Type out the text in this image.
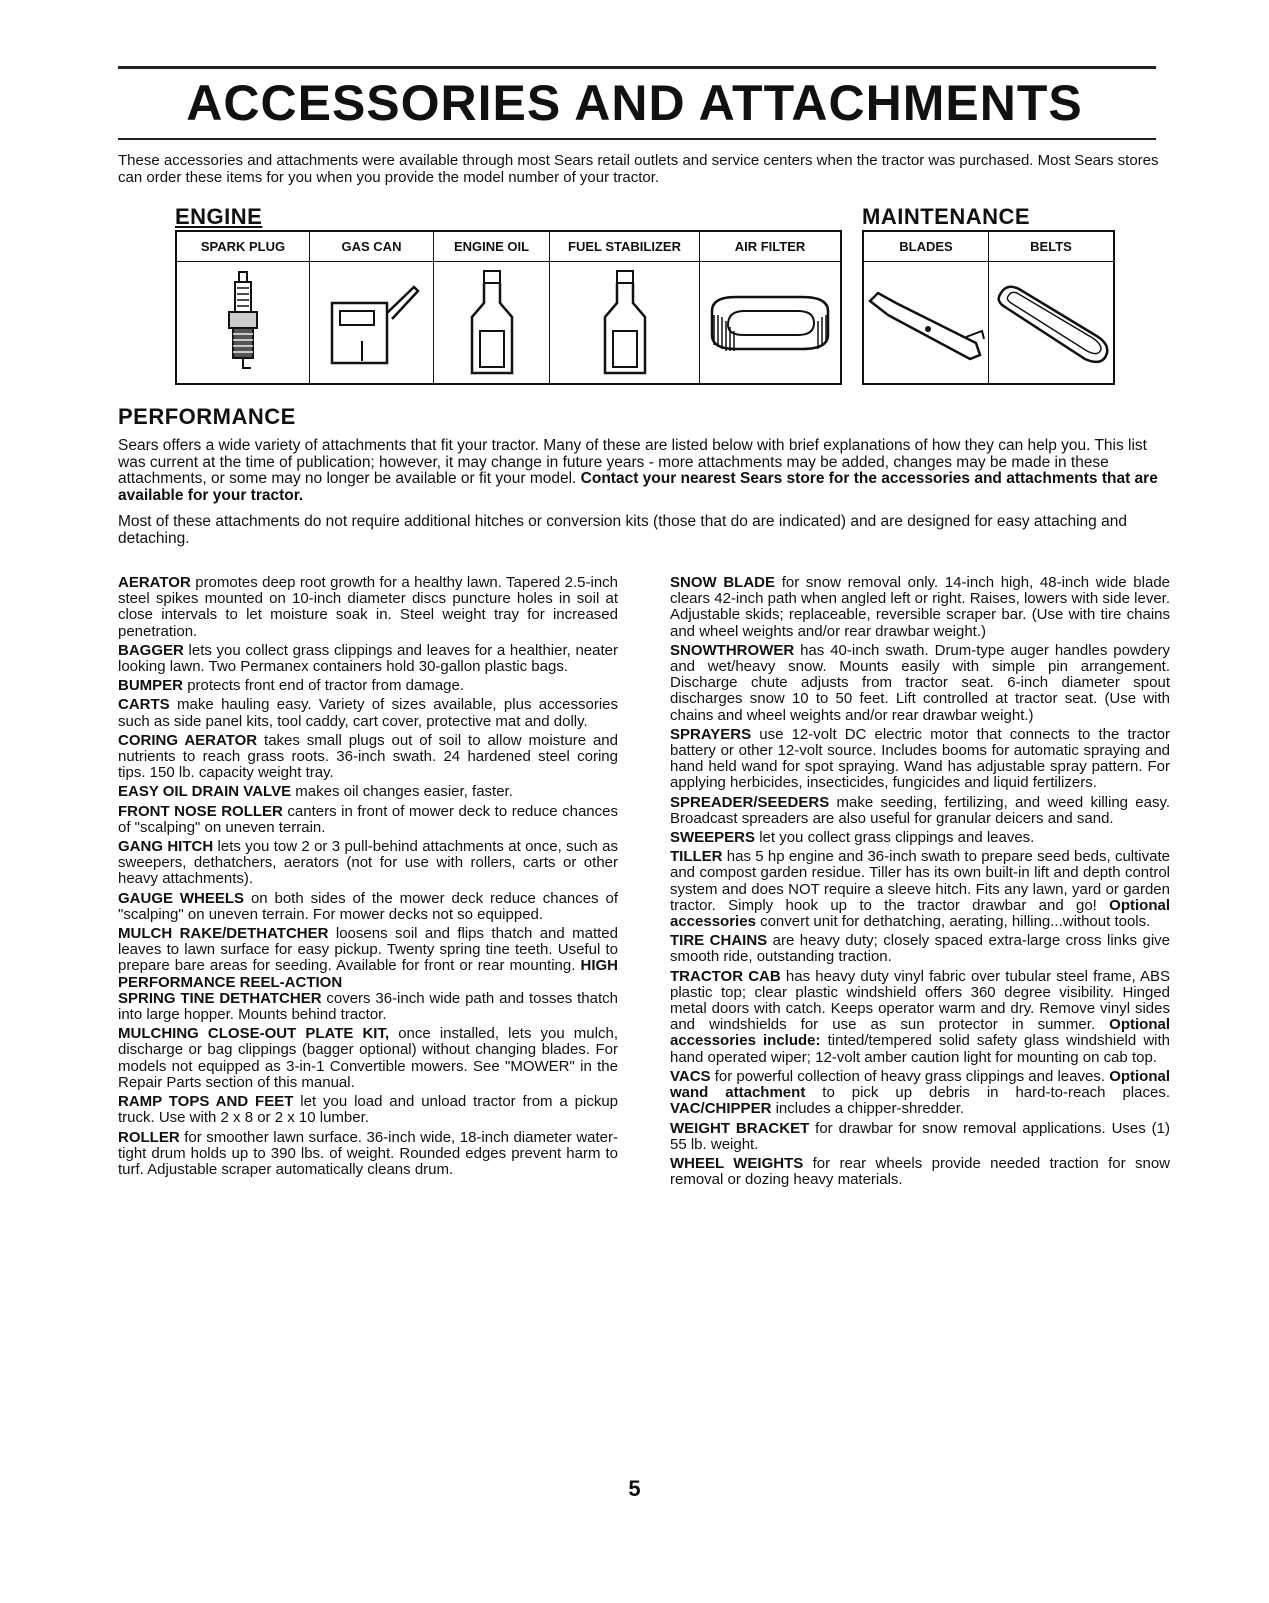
ACCESSORIES AND ATTACHMENTS

These accessories and attachments were available through most Sears retail outlets and service centers when the tractor was purchased. Most Sears stores can order these items for you when you provide the model number of your tractor.

ENGINE
SPARK PLUG	GAS CAN	ENGINE OIL	FUEL STABILIZER	AIR FILTER
MAINTENANCE
BLADES	BELTS
PERFORMANCE

Sears offers a wide variety of attachments that fit your tractor. Many of these are listed below with brief explanations of how they can help you. This list was current at the time of publication; however, it may change in future years - more attachments may be added, changes may be made in these attachments, or some may no longer be available or fit your model. Contact your nearest Sears store for the accessories and attachments that are available for your tractor.

Most of these attachments do not require additional hitches or conversion kits (those that do are indicated) and are designed for easy attaching and detaching.

AERATOR promotes deep root growth for a healthy lawn. Tapered 2.5-inch steel spikes mounted on 10-inch diameter discs puncture holes in soil at close intervals to let moisture soak in. Steel weight tray for increased penetration.

BAGGER lets you collect grass clippings and leaves for a healthier, neater looking lawn. Two Permanex containers hold 30-gallon plastic bags.

BUMPER protects front end of tractor from damage.

CARTS make hauling easy. Variety of sizes available, plus accessories such as side panel kits, tool caddy, cart cover, protective mat and dolly.

CORING AERATOR takes small plugs out of soil to allow moisture and nutrients to reach grass roots. 36-inch swath. 24 hardened steel coring tips. 150 lb. capacity weight tray.

EASY OIL DRAIN VALVE makes oil changes easier, faster.

FRONT NOSE ROLLER canters in front of mower deck to reduce chances of "scalping" on uneven terrain.

GANG HITCH lets you tow 2 or 3 pull-behind attachments at once, such as sweepers, dethatchers, aerators (not for use with rollers, carts or other heavy attachments).

GAUGE WHEELS on both sides of the mower deck reduce chances of "scalping" on uneven terrain. For mower decks not so equipped.

MULCH RAKE/DETHATCHER loosens soil and flips thatch and matted leaves to lawn surface for easy pickup. Twenty spring tine teeth. Useful to prepare bare areas for seeding. Available for front or rear mounting. HIGH PERFORMANCE REEL-ACTION

SPRING TINE DETHATCHER covers 36-inch wide path and tosses thatch into large hopper. Mounts behind tractor.

MULCHING CLOSE-OUT PLATE KIT, once installed, lets you mulch, discharge or bag clippings (bagger optional) without changing blades. For models not equipped as 3-in-1 Convertible mowers. See "MOWER" in the Repair Parts section of this manual.

RAMP TOPS AND FEET let you load and unload tractor from a pickup truck. Use with 2 x 8 or 2 x 10 lumber.

ROLLER for smoother lawn surface. 36-inch wide, 18-inch diameter water-tight drum holds up to 390 lbs. of weight. Rounded edges prevent harm to turf. Adjustable scraper automatically cleans drum.

SNOW BLADE for snow removal only. 14-inch high, 48-inch wide blade clears 42-inch path when angled left or right. Raises, lowers with side lever. Adjustable skids; replaceable, reversible scraper bar. (Use with tire chains and wheel weights and/or rear drawbar weight.)

SNOWTHROWER has 40-inch swath. Drum-type auger handles powdery and wet/heavy snow. Mounts easily with simple pin arrangement. Discharge chute adjusts from tractor seat. 6-inch diameter spout discharges snow 10 to 50 feet. Lift controlled at tractor seat. (Use with chains and wheel weights and/or rear drawbar weight.)

SPRAYERS use 12-volt DC electric motor that connects to the tractor battery or other 12-volt source. Includes booms for automatic spraying and hand held wand for spot spraying. Wand has adjustable spray pattern. For applying herbicides, insecticides, fungicides and liquid fertilizers.

SPREADER/SEEDERS make seeding, fertilizing, and weed killing easy. Broadcast spreaders are also useful for granular deicers and sand.

SWEEPERS let you collect grass clippings and leaves.

TILLER has 5 hp engine and 36-inch swath to prepare seed beds, cultivate and compost garden residue. Tiller has its own built-in lift and depth control system and does NOT require a sleeve hitch. Fits any lawn, yard or garden tractor. Simply hook up to the tractor drawbar and go! Optional accessories convert unit for dethatching, aerating, hilling...without tools.

TIRE CHAINS are heavy duty; closely spaced extra-large cross links give smooth ride, outstanding traction.

TRACTOR CAB has heavy duty vinyl fabric over tubular steel frame, ABS plastic top; clear plastic windshield offers 360 degree visibility. Hinged metal doors with catch. Keeps operator warm and dry. Remove vinyl sides and windshields for use as sun protector in summer. Optional accessories include: tinted/tempered solid safety glass windshield with hand operated wiper; 12-volt amber caution light for mounting on cab top.

VACS for powerful collection of heavy grass clippings and leaves. Optional wand attachment to pick up debris in hard-to-reach places. VAC/CHIPPER includes a chipper-shredder.

WEIGHT BRACKET for drawbar for snow removal applications. Uses (1) 55 lb. weight.

WHEEL WEIGHTS for rear wheels provide needed traction for snow removal or dozing heavy materials.

5
